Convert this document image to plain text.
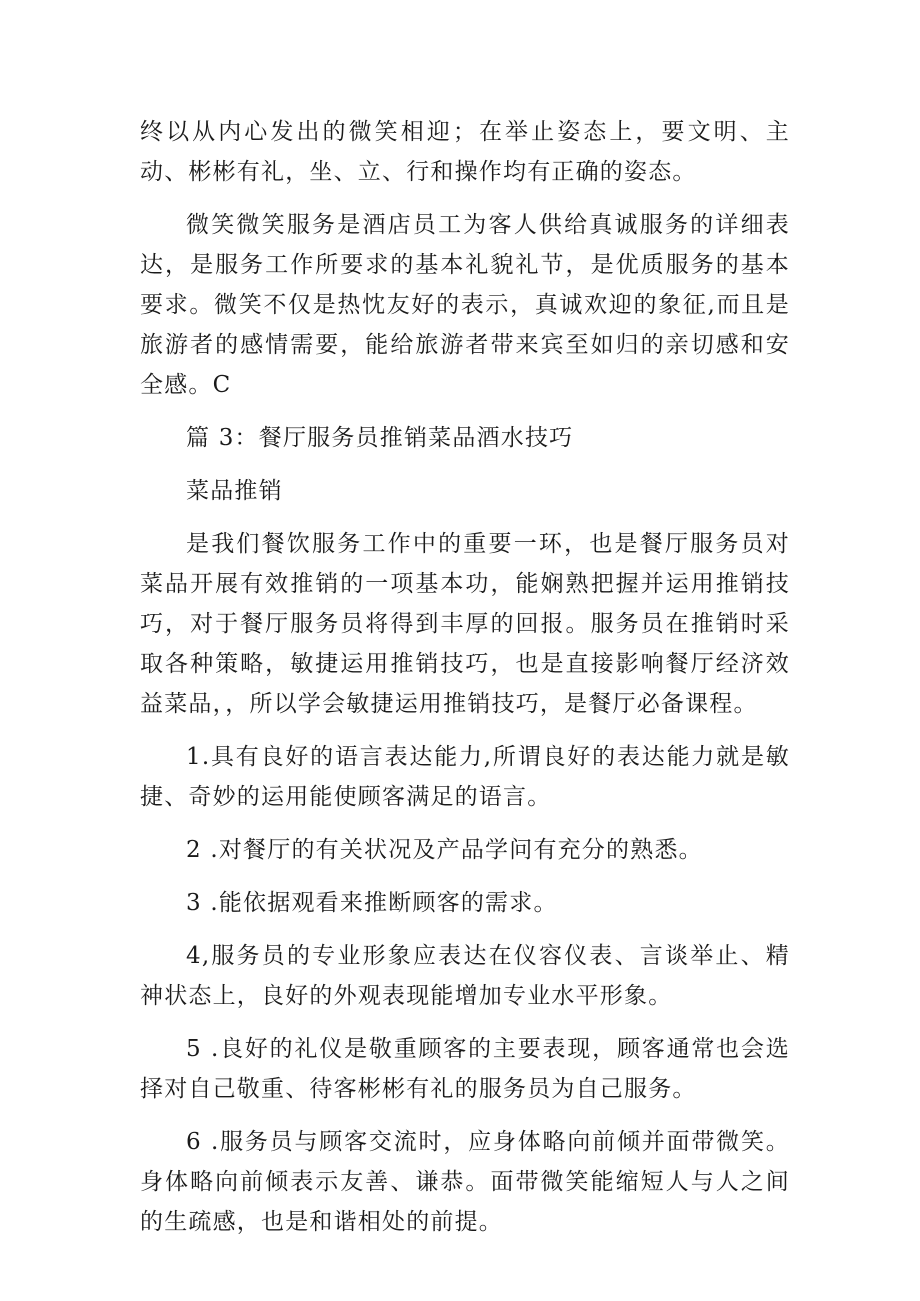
终以从内心发出的微笑相迎；在举止姿态上，要文明、主动、彬彬有礼，坐、立、行和操作均有正确的姿态。

微笑微笑服务是酒店员工为客人供给真诚服务的详细表达，是服务工作所要求的基本礼貌礼节，是优质服务的基本要求。微笑不仅是热忱友好的表示，真诚欢迎的象征,而且是旅游者的感情需要，能给旅游者带来宾至如归的亲切感和安全感。C

篇 3：餐厅服务员推销菜品酒水技巧

菜品推销

是我们餐饮服务工作中的重要一环，也是餐厅服务员对菜品开展有效推销的一项基本功，能娴熟把握并运用推销技巧，对于餐厅服务员将得到丰厚的回报。服务员在推销时采取各种策略，敏捷运用推销技巧，也是直接影响餐厅经济效益菜品，，所以学会敏捷运用推销技巧，是餐厅必备课程。

1.具有良好的语言表达能力,所谓良好的表达能力就是敏捷、奇妙的运用能使顾客满足的语言。

2 .对餐厅的有关状况及产品学问有充分的熟悉。

3 .能依据观看来推断顾客的需求。

4,服务员的专业形象应表达在仪容仪表、言谈举止、精神状态上，良好的外观表现能增加专业水平形象。

5 .良好的礼仪是敬重顾客的主要表现，顾客通常也会选择对自己敬重、待客彬彬有礼的服务员为自己服务。

6 .服务员与顾客交流时，应身体略向前倾并面带微笑。身体略向前倾表示友善、谦恭。面带微笑能缩短人与人之间的生疏感，也是和谐相处的前提。
